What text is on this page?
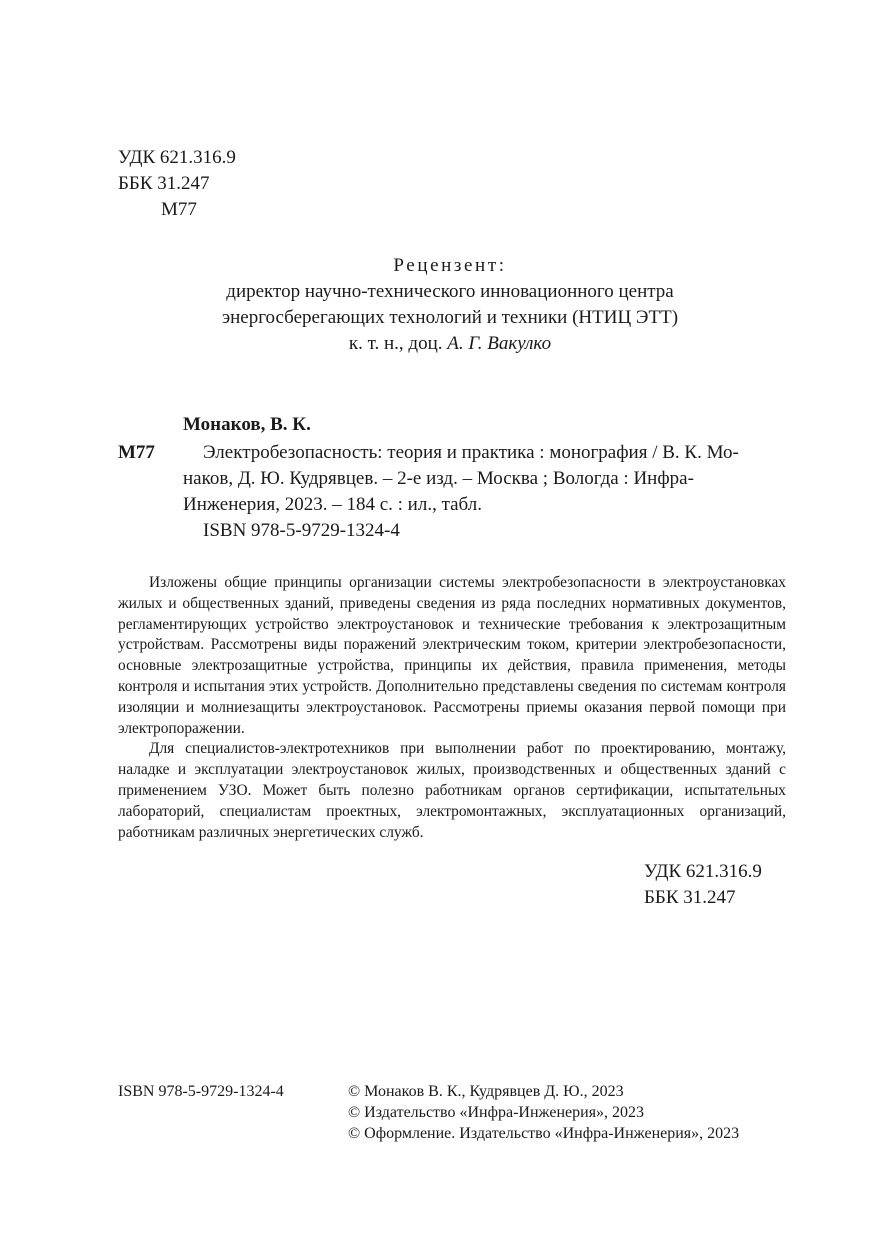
УДК 621.316.9
ББК 31.247
М77
Рецензент:
директор научно-технического инновационного центра
энергосберегающих технологий и техники (НТИЦ ЭТТ)
к. т. н., доц. А. Г. Вакулко
Монаков, В. К.
М77	Электробезопасность: теория и практика : монография / В. К. Мо-
наков, Д. Ю. Кудрявцев. – 2-е изд. – Москва ; Вологда : Инфра-
Инженерия, 2023. – 184 с. : ил., табл.
ISBN 978-5-9729-1324-4

Изложены общие принципы организации системы электробезопасности в электроустановках жилых и общественных зданий, приведены сведения из ряда последних нормативных документов, регламентирующих устройство электроустановок и технические требования к электрозащитным устройствам. Рассмотрены виды поражений электрическим током, критерии электробезопасности, основные электрозащитные устройства, принципы их действия, правила применения, методы контроля и испытания этих устройств. Дополнительно представлены сведения по системам контроля изоляции и молниезащиты электроустановок. Рассмотрены приемы оказания первой помощи при электропоражении.

Для специалистов-электротехников при выполнении работ по проектированию, монтажу, наладке и эксплуатации электроустановок жилых, производственных и общественных зданий с применением УЗО. Может быть полезно работникам органов сертификации, испытательных лабораторий, специалистам проектных, электромонтажных, эксплуатационных организаций, работникам различных энергетических служб.

УДК 621.316.9
ББК 31.247
ISBN 978-5-9729-1324-4	© Монаков В. К., Кудрявцев Д. Ю., 2023
© Издательство «Инфра-Инженерия», 2023
© Оформление. Издательство «Инфра-Инженерия», 2023
